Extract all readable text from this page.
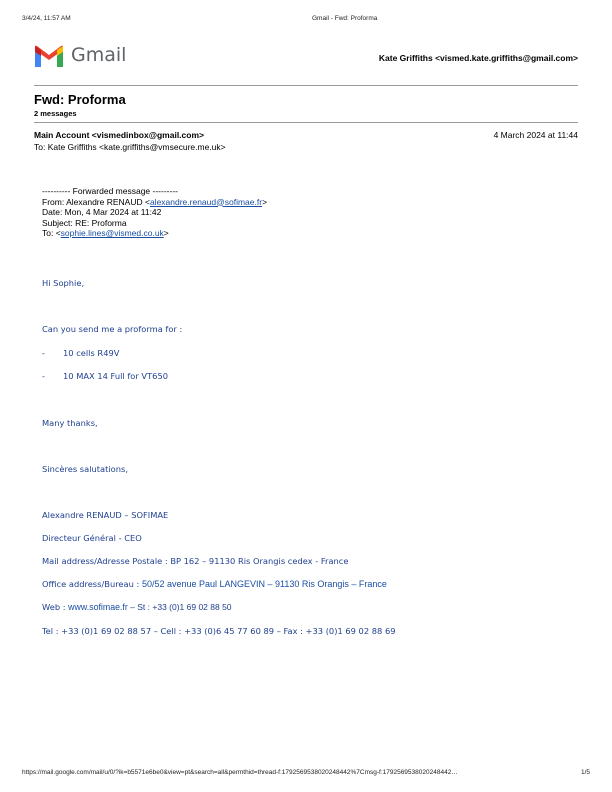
3/4/24, 11:57 AM	Gmail - Fwd: Proforma
Gmail	Kate Griffiths <vismed.kate.griffiths@gmail.com>
Fwd: Proforma
2 messages
Main Account <vismedinbox@gmail.com>	4 March 2024 at 11:44
To: Kate Griffiths <kate.griffiths@vmsecure.me.uk>
---------- Forwarded message ---------
From: Alexandre RENAUD <alexandre.renaud@sofimae.fr>
Date: Mon, 4 Mar 2024 at 11:42
Subject: RE: Proforma
To: <sophie.lines@vismed.co.uk>
Hi Sophie,
Can you send me a proforma for :
- 10 cells R49V
- 10 MAX 14 Full for VT650
Many thanks,
Sincères salutations,
Alexandre RENAUD – SOFIMAE
Directeur Général - CEO
Mail address/Adresse Postale : BP 162 – 91130 Ris Orangis cedex - France
Office address/Bureau : 50/52 avenue Paul LANGEVIN – 91130 Ris Orangis – France
Web : www.sofimae.fr – St : +33 (0)1 69 02 88 50
Tel : +33 (0)1 69 02 88 57 – Cell : +33 (0)6 45 77 60 89 – Fax : +33 (0)1 69 02 88 69
https://mail.google.com/mail/u/0/?ik=b5571e6be0&view=pt&search=all&permthid=thread-f:1792569538020248442%7Cmsg-f:1792569538020248442…	1/5
